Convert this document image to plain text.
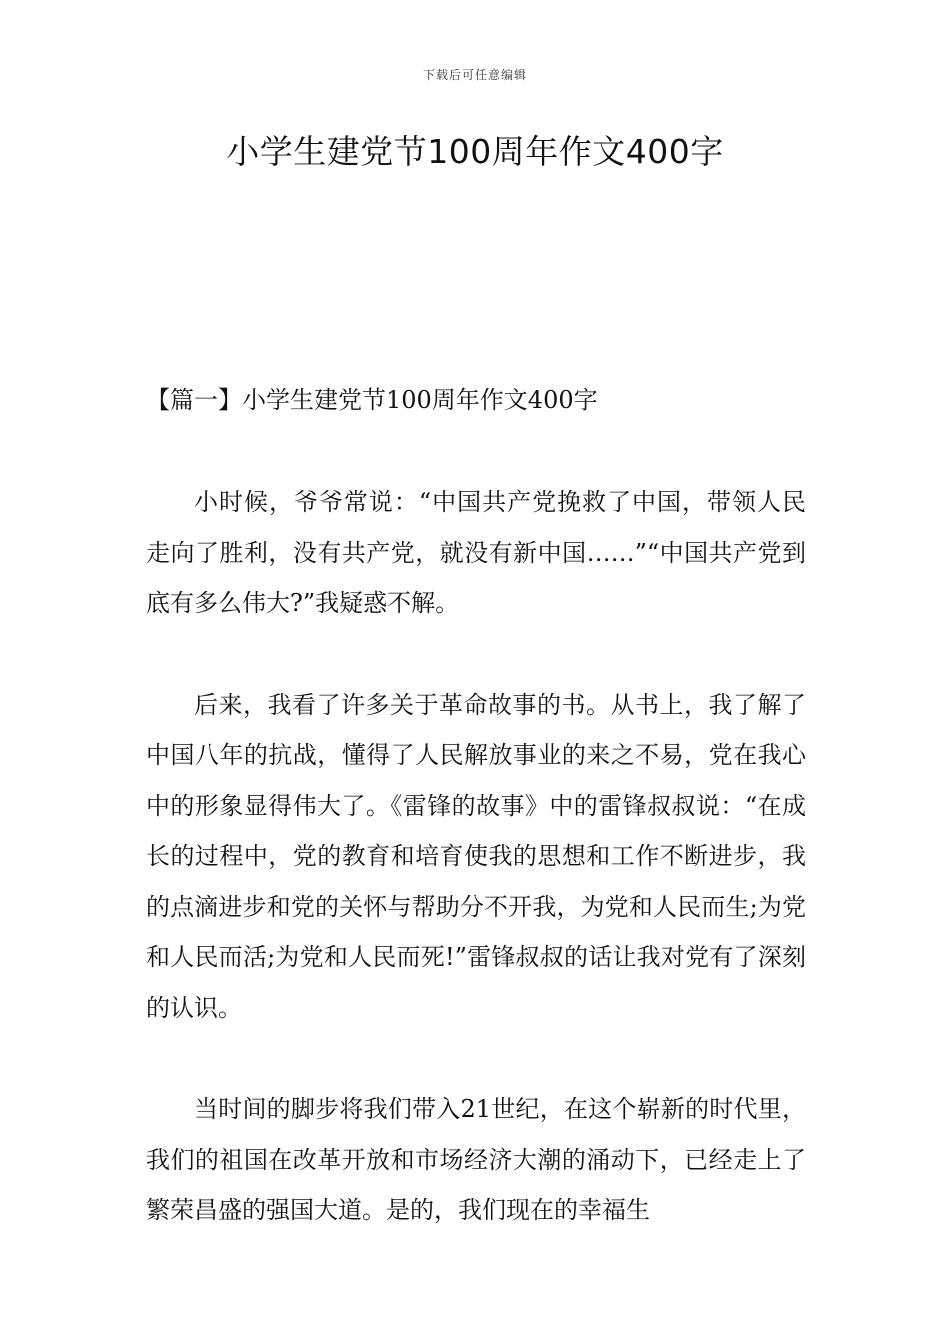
下载后可任意编辑
小学生建党节100周年作文400字
【篇一】小学生建党节100周年作文400字

小时候，爷爷常说：“中国共产党挽救了中国，带领人民走向了胜利，没有共产党，就没有新中国……”“中国共产党到底有多么伟大?”我疑惑不解。

后来，我看了许多关于革命故事的书。从书上，我了解了中国八年的抗战，懂得了人民解放事业的来之不易，党在我心中的形象显得伟大了。《雷锋的故事》中的雷锋叔叔说：“在成长的过程中，党的教育和培育使我的思想和工作不断进步，我的点滴进步和党的关怀与帮助分不开我，为党和人民而生;为党和人民而活;为党和人民而死!”雷锋叔叔的话让我对党有了深刻的认识。

当时间的脚步将我们带入21世纪，在这个崭新的时代里，我们的祖国在改革开放和市场经济大潮的涌动下，已经走上了繁荣昌盛的强国大道。是的，我们现在的幸福生
